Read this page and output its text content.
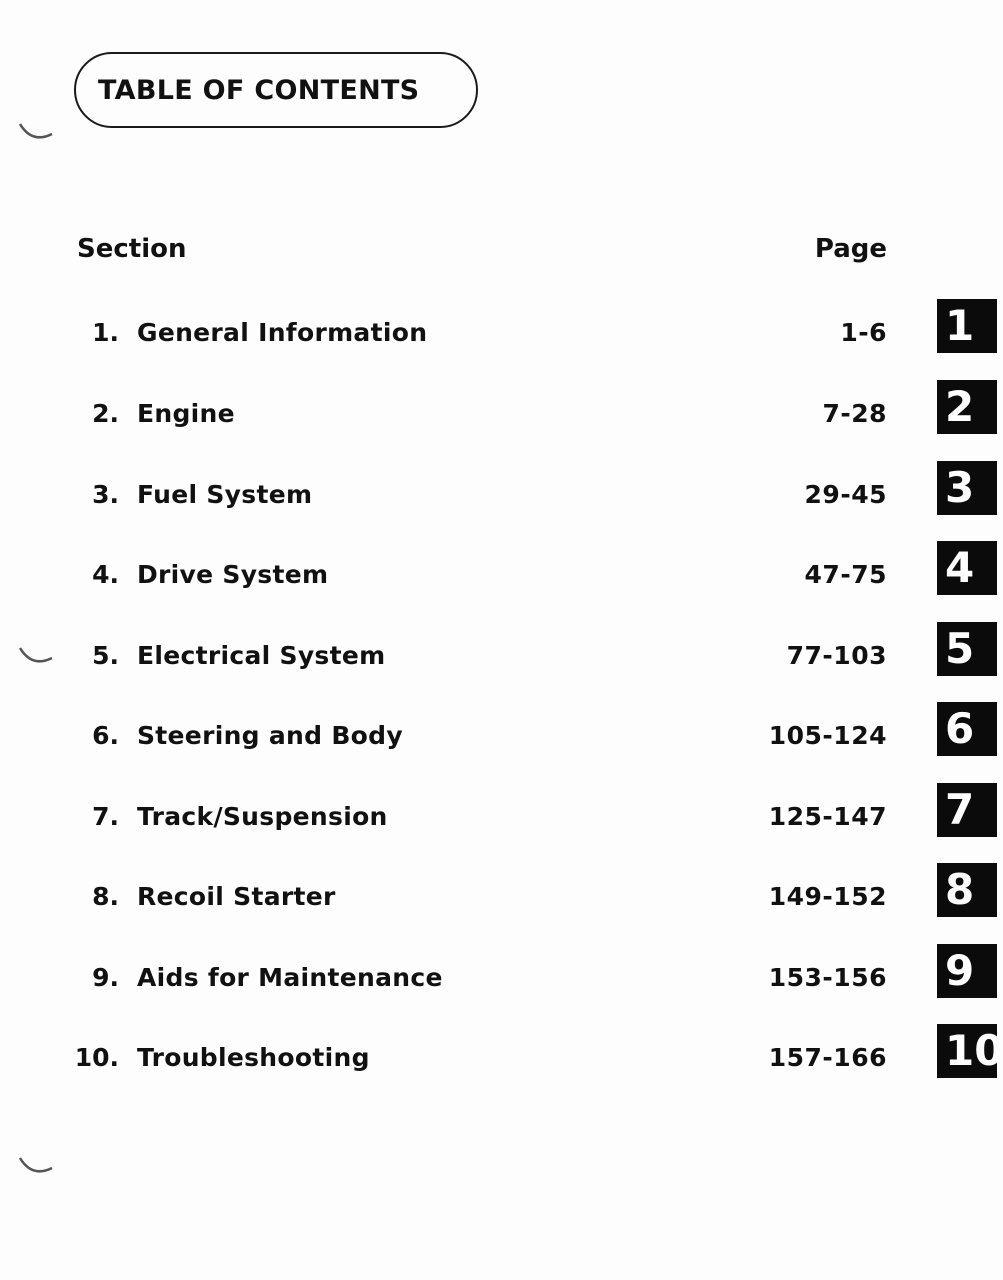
TABLE OF CONTENTS
Section	Page
1. General Information	1-6 1
2. Engine	7-28 2
3. Fuel System	29-45 3
4. Drive System	47-75 4
5. Electrical System	77-103 5
6. Steering and Body	105-124 6
7. Track/Suspension	125-147 7
8. Recoil Starter	149-152 8
9. Aids for Maintenance	153-156 9
10. Troubleshooting	157-166 10
